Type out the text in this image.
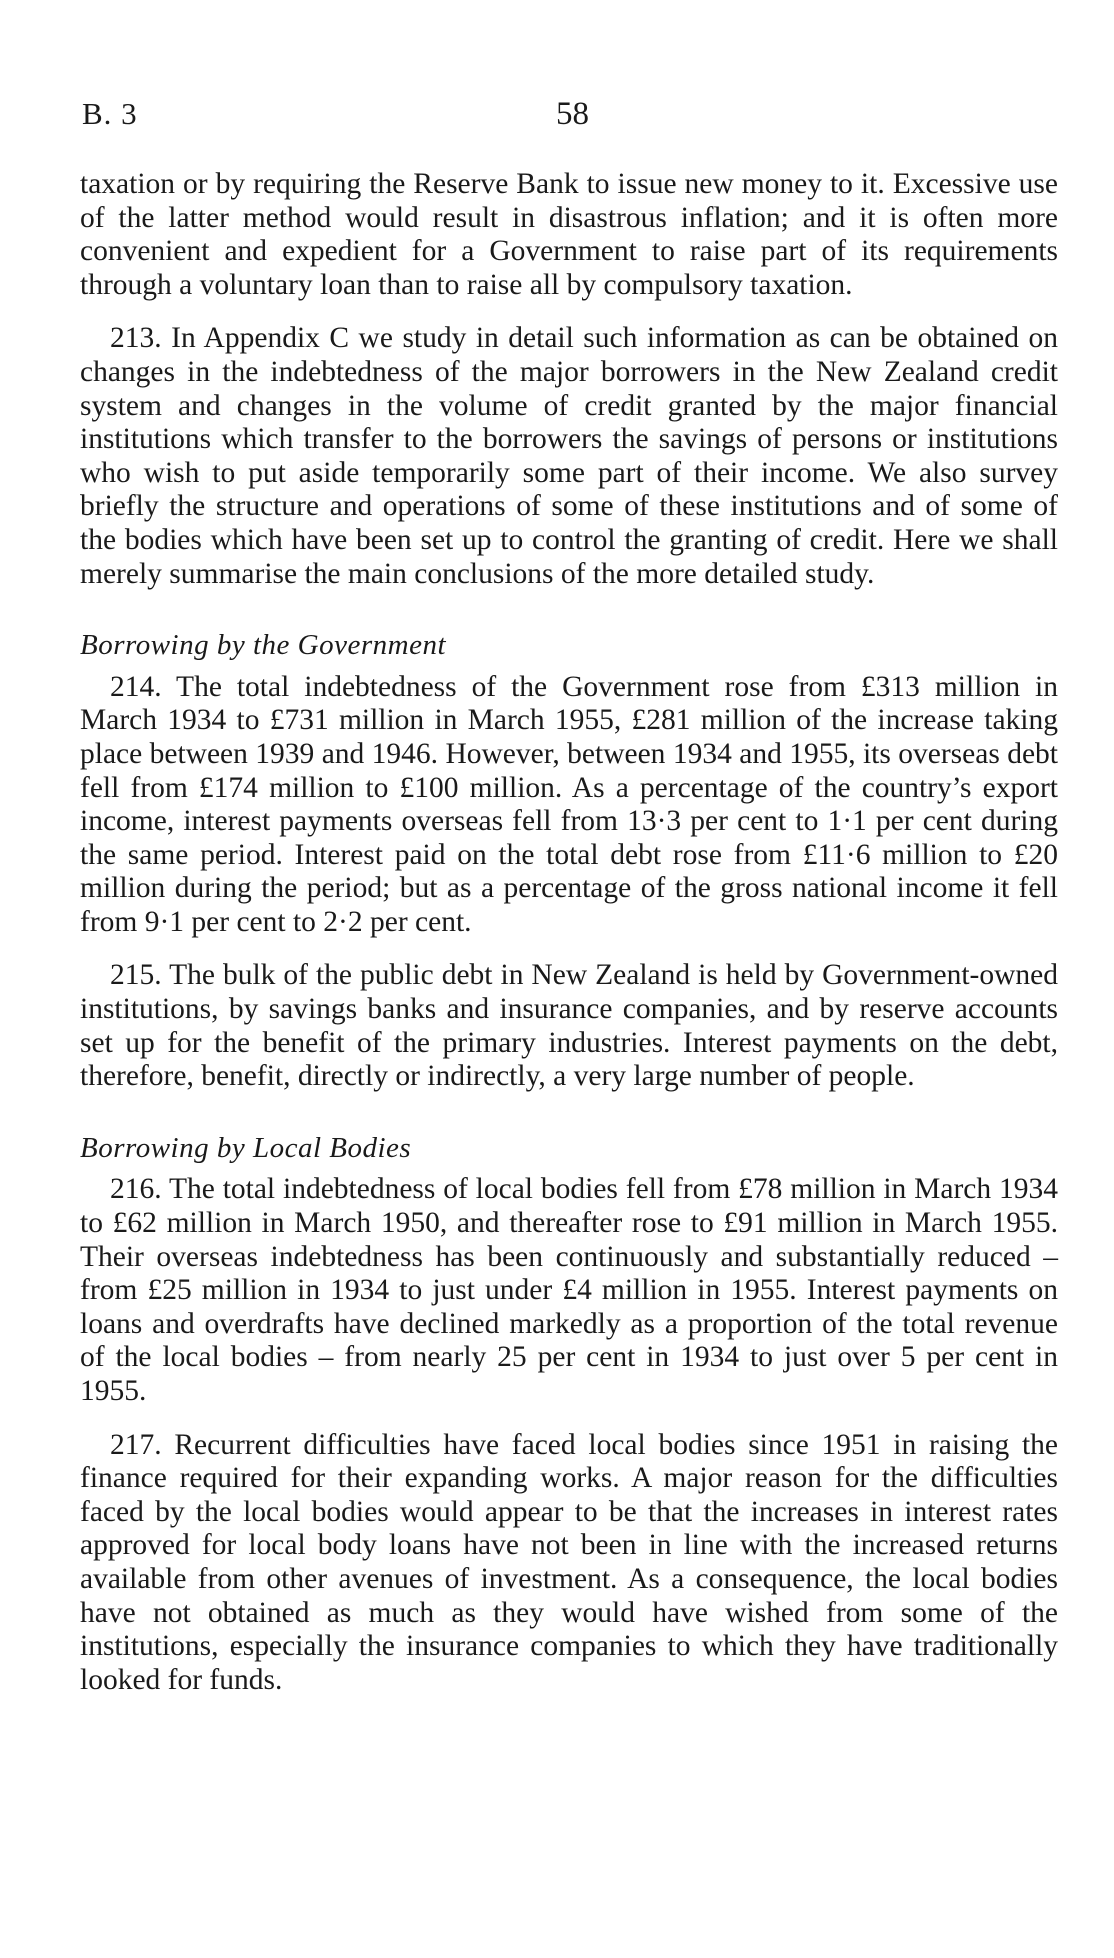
B. 3	58

taxation or by requiring the Reserve Bank to issue new money to it. Excessive use of the latter method would result in disastrous inflation; and it is often more convenient and expedient for a Government to raise part of its requirements through a voluntary loan than to raise all by compulsory taxation.

213. In Appendix C we study in detail such information as can be obtained on changes in the indebtedness of the major borrowers in the New Zealand credit system and changes in the volume of credit granted by the major financial institutions which transfer to the borrowers the savings of persons or institutions who wish to put aside temporarily some part of their income. We also survey briefly the structure and operations of some of these institutions and of some of the bodies which have been set up to control the granting of credit. Here we shall merely summarise the main conclusions of the more detailed study.

Borrowing by the Government

214. The total indebtedness of the Government rose from £313 million in March 1934 to £731 million in March 1955, £281 million of the increase taking place between 1939 and 1946. However, between 1934 and 1955, its overseas debt fell from £174 million to £100 million. As a percentage of the country’s export income, interest payments overseas fell from 13·3 per cent to 1·1 per cent during the same period. Interest paid on the total debt rose from £11·6 million to £20 million during the period; but as a percentage of the gross national income it fell from 9·1 per cent to 2·2 per cent.

215. The bulk of the public debt in New Zealand is held by Government-owned institutions, by savings banks and insurance companies, and by reserve accounts set up for the benefit of the primary industries. Interest payments on the debt, therefore, benefit, directly or indirectly, a very large number of people.

Borrowing by Local Bodies

216. The total indebtedness of local bodies fell from £78 million in March 1934 to £62 million in March 1950, and thereafter rose to £91 million in March 1955. Their overseas indebtedness has been continuously and substantially reduced – from £25 million in 1934 to just under £4 million in 1955. Interest payments on loans and overdrafts have declined markedly as a proportion of the total revenue of the local bodies – from nearly 25 per cent in 1934 to just over 5 per cent in 1955.

217. Recurrent difficulties have faced local bodies since 1951 in raising the finance required for their expanding works. A major reason for the difficulties faced by the local bodies would appear to be that the increases in interest rates approved for local body loans have not been in line with the increased returns available from other avenues of investment. As a consequence, the local bodies have not obtained as much as they would have wished from some of the institutions, especially the insurance companies to which they have traditionally looked for funds.
